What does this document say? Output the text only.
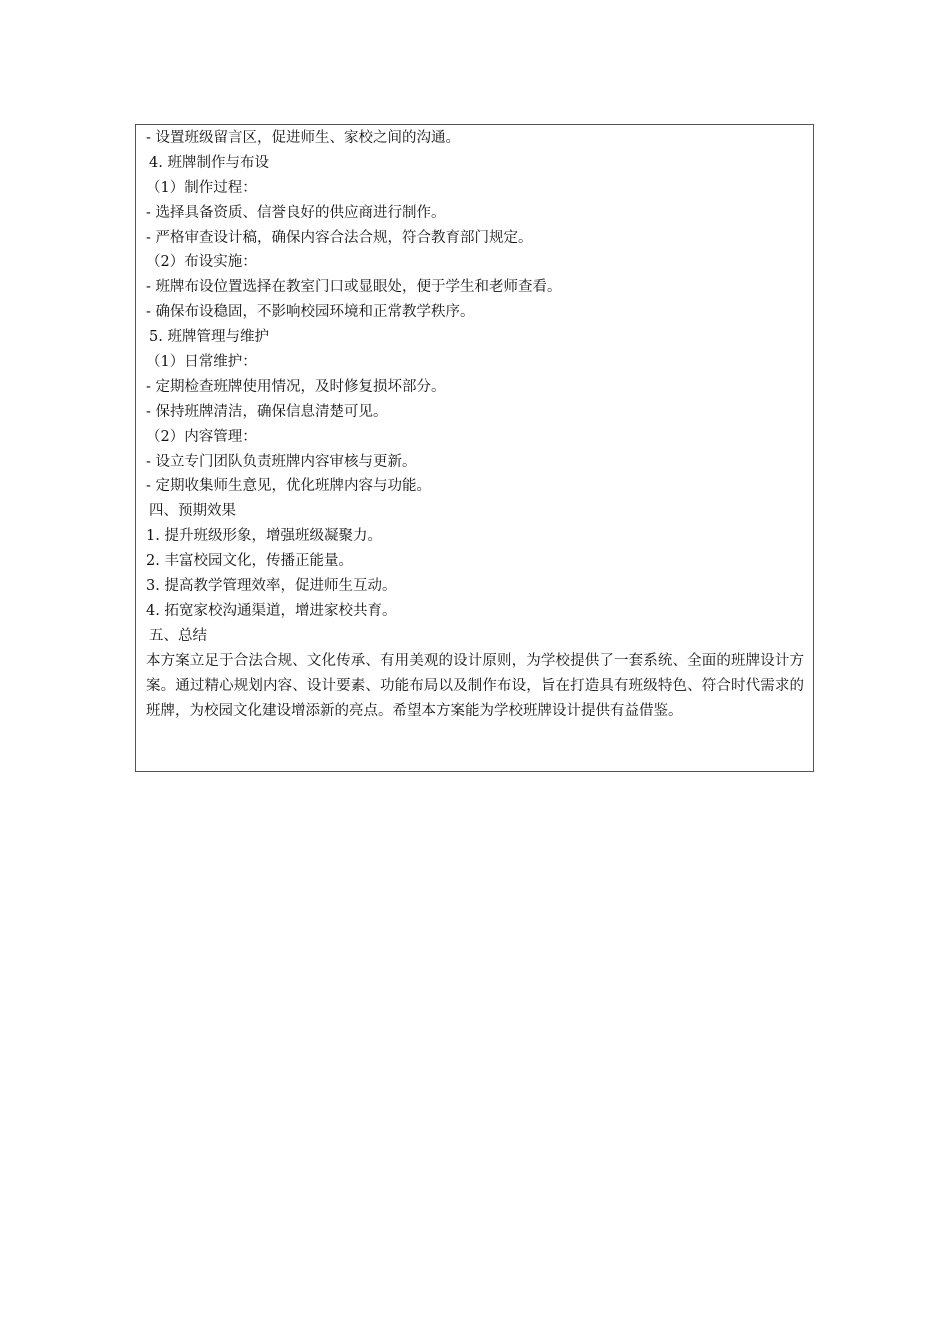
- 设置班级留言区，促进师生、家校之间的沟通。
4. 班牌制作与布设
（1）制作过程：
- 选择具备资质、信誉良好的供应商进行制作。
- 严格审查设计稿，确保内容合法合规，符合教育部门规定。
（2）布设实施：
- 班牌布设位置选择在教室门口或显眼处，便于学生和老师查看。
- 确保布设稳固，不影响校园环境和正常教学秩序。
5. 班牌管理与维护
（1）日常维护：
- 定期检查班牌使用情况，及时修复损坏部分。
- 保持班牌清洁，确保信息清楚可见。
（2）内容管理：
- 设立专门团队负责班牌内容审核与更新。
- 定期收集师生意见，优化班牌内容与功能。
四、预期效果
1. 提升班级形象，增强班级凝聚力。
2. 丰富校园文化，传播正能量。
3. 提高教学管理效率，促进师生互动。
4. 拓宽家校沟通渠道，增进家校共育。
五、总结

本方案立足于合法合规、文化传承、有用美观的设计原则，为学校提供了一套系统、全面的班牌设计方案。通过精心规划内容、设计要素、功能布局以及制作布设，旨在打造具有班级特色、符合时代需求的班牌，为校园文化建设增添新的亮点。希望本方案能为学校班牌设计提供有益借鉴。
